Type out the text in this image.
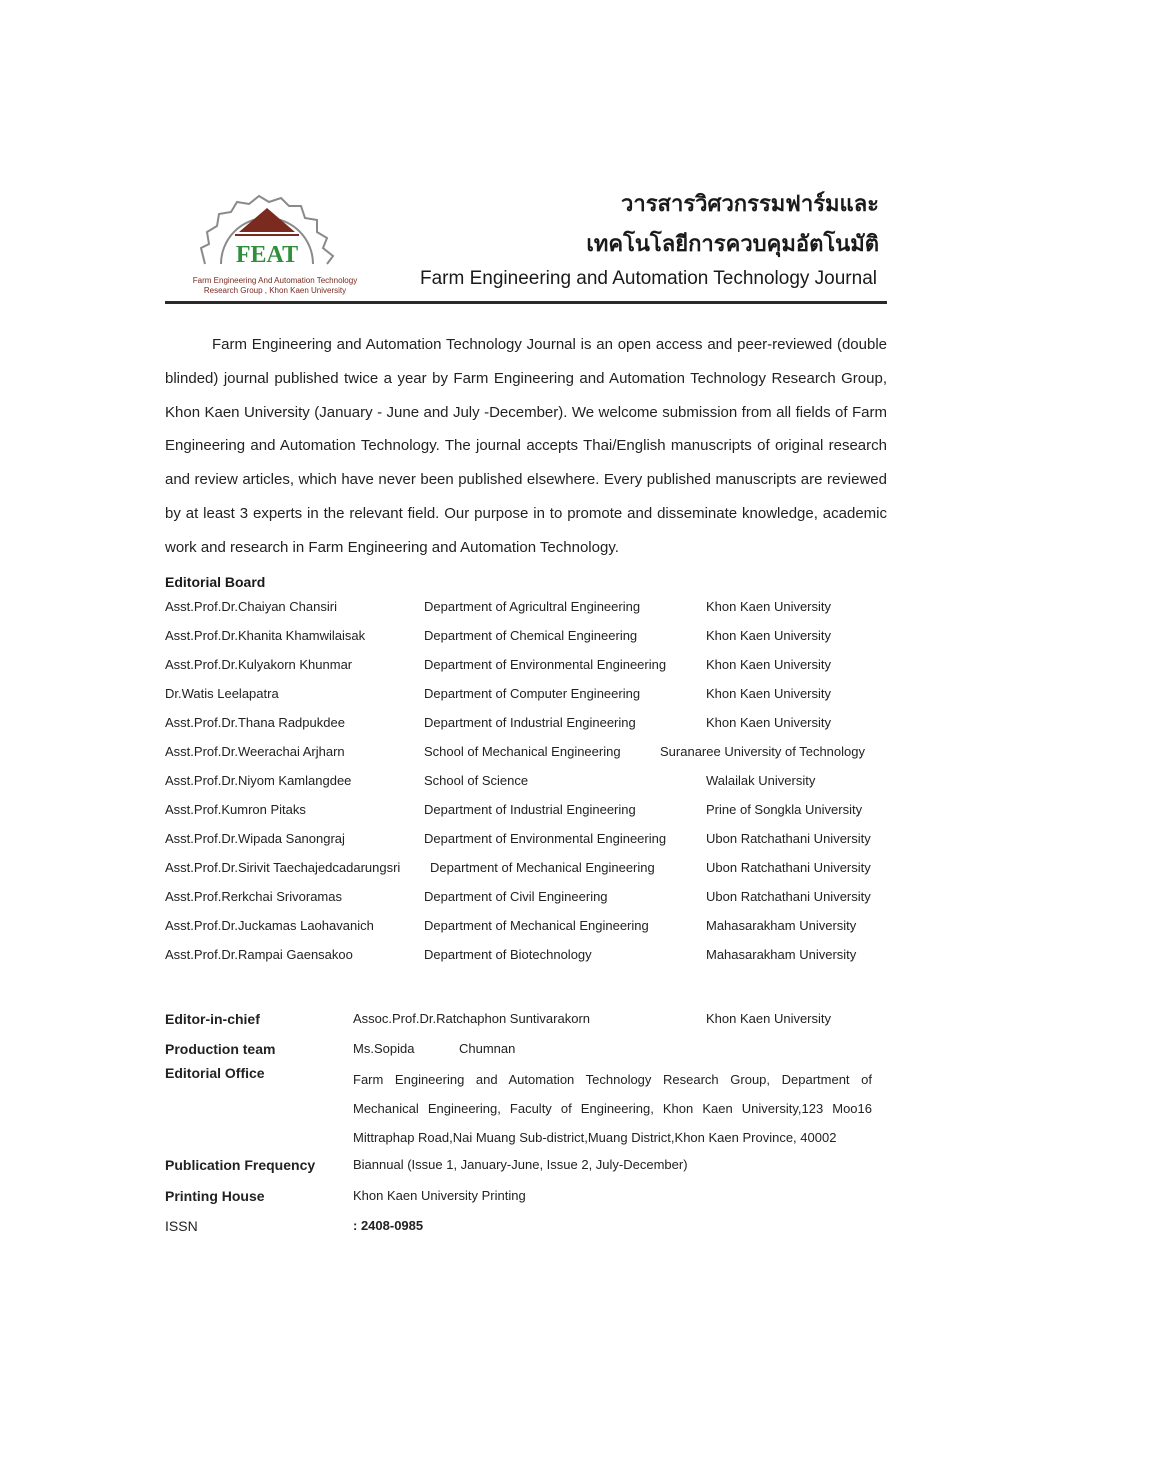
FEAT
Farm Engineering And Automation Technology
Research Group , Khon Kaen University
วารสารวิศวกรรมฟาร์มและ
เทคโนโลยีการควบคุมอัตโนมัติ
Farm Engineering and Automation Technology Journal

Farm Engineering and Automation Technology Journal is an open access and peer-reviewed (double blinded) journal published twice a year by Farm Engineering and Automation Technology Research Group, Khon Kaen University (January - June and July -December). We welcome submission from all fields of Farm Engineering and Automation Technology. The journal accepts Thai/English manuscripts of original research and review articles, which have never been published elsewhere. Every published manuscripts are reviewed by at least 3 experts in the relevant field. Our purpose in to promote and disseminate knowledge, academic work and research in Farm Engineering and Automation Technology.

Editorial Board
Asst.Prof.Dr.Chaiyan Chansiri	Department of Agricultral Engineering	Khon Kaen University
Asst.Prof.Dr.Khanita Khamwilaisak	Department of Chemical Engineering	Khon Kaen University
Asst.Prof.Dr.Kulyakorn Khunmar	Department of Environmental Engineering	Khon Kaen University
Dr.Watis Leelapatra	Department of Computer Engineering	Khon Kaen University
Asst.Prof.Dr.Thana Radpukdee	Department of Industrial Engineering	Khon Kaen University
Asst.Prof.Dr.Weerachai Arjharn	School of Mechanical Engineering	Suranaree University of Technology
Asst.Prof.Dr.Niyom Kamlangdee	School of Science	Walailak University
Asst.Prof.Kumron Pitaks	Department of Industrial Engineering	Prine of Songkla University
Asst.Prof.Dr.Wipada Sanongraj	Department of Environmental Engineering	Ubon Ratchathani University
Asst.Prof.Dr.Sirivit Taechajedcadarungsri Department of Mechanical Engineering	Ubon Ratchathani University
Asst.Prof.Rerkchai Srivoramas	Department of Civil Engineering	Ubon Ratchathani University
Asst.Prof.Dr.Juckamas Laohavanich	Department of Mechanical Engineering	Mahasarakham University
Asst.Prof.Dr.Rampai Gaensakoo	Department of Biotechnology	Mahasarakham University
Editor-in-chief	Assoc.Prof.Dr.Ratchaphon Suntivarakorn	Khon Kaen University
Production team	Ms.Sopida	Chumnan
Editorial Office	Farm Engineering and Automation Technology Research Group, Department of Mechanical Engineering, Faculty of Engineering, Khon Kaen University,123 Moo16 Mittraphap Road,Nai Muang Sub-district,Muang District,Khon Kaen Province, 40002
Publication Frequency	Biannual (Issue 1, January-June, Issue 2, July-December)
Printing House	Khon Kaen University Printing
ISSN	: 2408-0985
